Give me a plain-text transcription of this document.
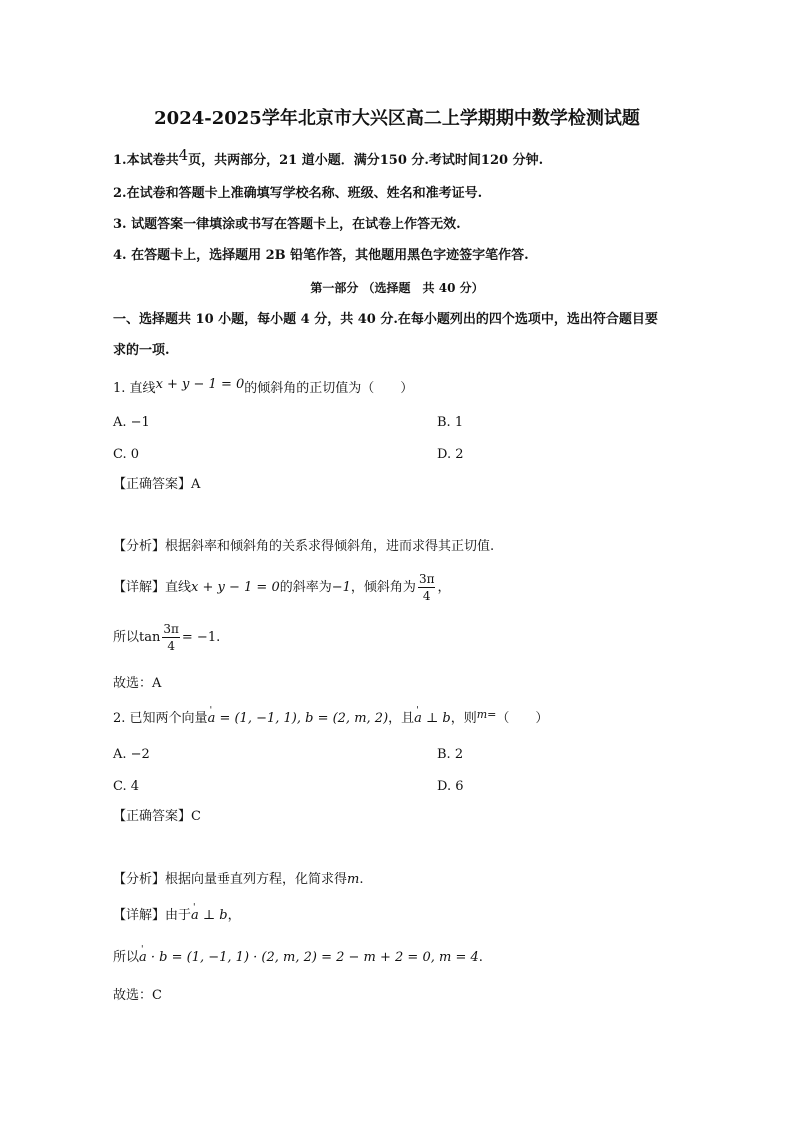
2024-2025学年北京市大兴区高二上学期期中数学检测试题
1.本试卷共4页，共两部分，21 道小题．满分150 分.考试时间120 分钟.
2.在试卷和答题卡上准确填写学校名称、班级、姓名和准考证号.
3. 试题答案一律填涂或书写在答题卡上，在试卷上作答无效.
4. 在答题卡上，选择题用 2B 铅笔作答，其他题用黑色字迹签字笔作答.
第一部分 （选择题　共 40 分）
一、选择题共 10 小题，每小题 4 分，共 40 分.在每小题列出的四个选项中，选出符合题目要
求的一项.
1. 直线x + y − 1 = 0的倾斜角的正切值为（　　）
A. −1	B. 1
C. 0	D. 2
【正确答案】A
【分析】根据斜率和倾斜角的关系求得倾斜角，进而求得其正切值.
【详解】直线x + y − 1 = 0的斜率为−1，倾斜角为 $\frac{3\pi}{4}$ ，
所以$\tan \frac{3\pi}{4} = -1$.
故选：A
2. 已知两个向量' a = (1, −1, 1), b = (2, m, 2)，且' a ⊥ b，则$^{m=}$（　　）
A. −2	B. 2
C. 4	D. 6
【正确答案】C
【分析】根据向量垂直列方程，化简求得m.
【详解】由于' a ⊥ b，
所以' a · b = (1, −1, 1) · (2, m, 2) = 2 − m + 2 = 0, m = 4.
故选：C
